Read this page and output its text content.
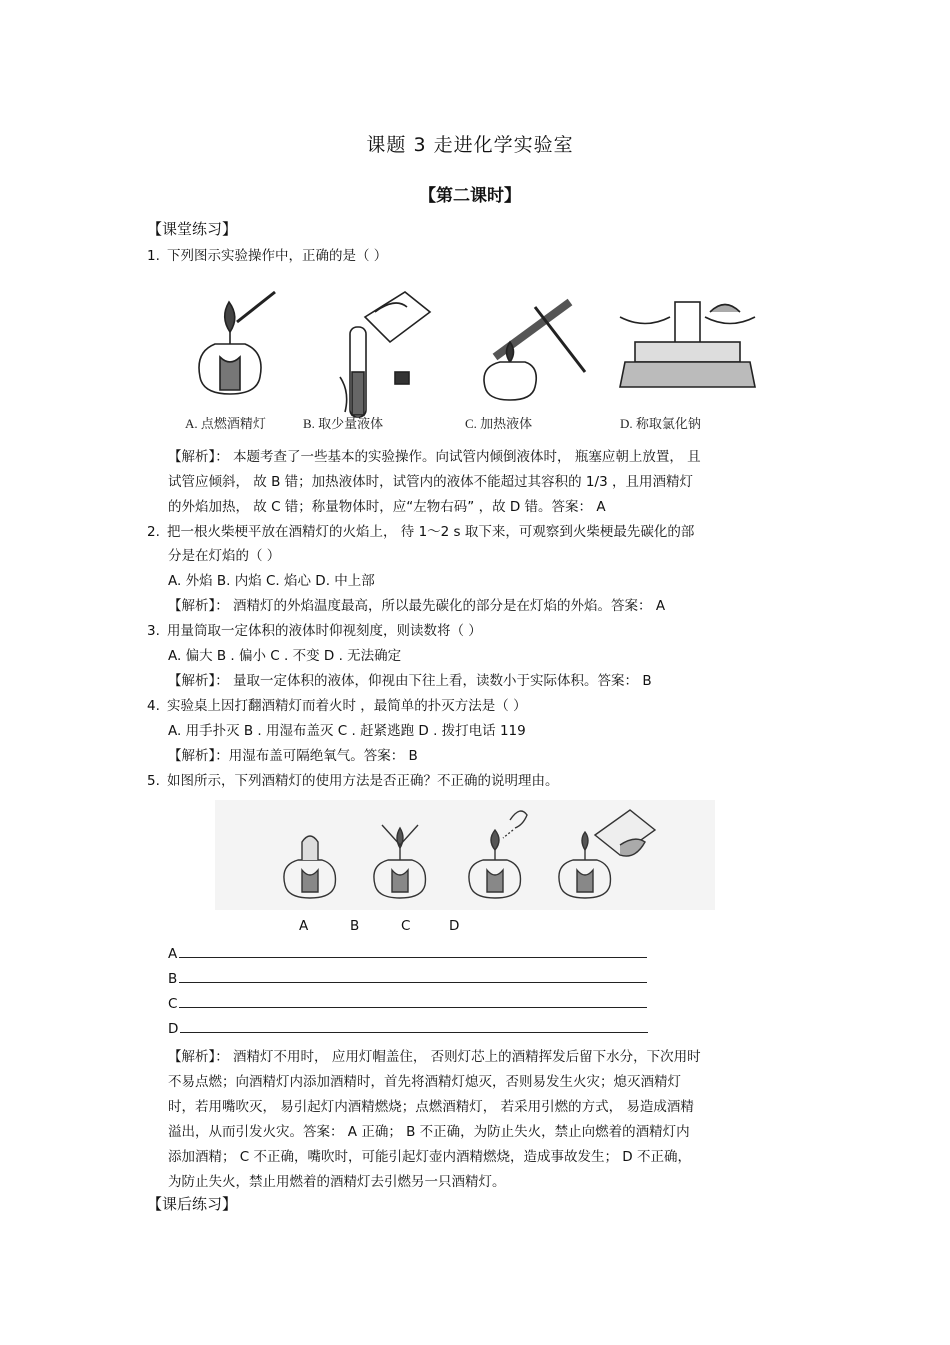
课题 3 走进化学实验室
【第二课时】
【课堂练习】
1. 下列图示实验操作中，正确的是（ ）
A. 点燃酒精灯	B. 取少量液体	C. 加热液体	D. 称取氯化钠
【解析】： 本题考查了一些基本的实验操作。向试管内倾倒液体时， 瓶塞应朝上放置， 且
试管应倾斜， 故 B 错；加热液体时，试管内的液体不能超过其容积的 1/3 ，且用酒精灯
的外焰加热， 故 C 错；称量物体时，应“左物右码” ，故 D 错。答案： A
2. 把一根火柴梗平放在酒精灯的火焰上， 待 1～2 s 取下来，可观察到火柴梗最先碳化的部
分是在灯焰的（ ）
A. 外焰 B. 内焰 C. 焰心 D. 中上部
【解析】： 酒精灯的外焰温度最高，所以最先碳化的部分是在灯焰的外焰。答案： A
3. 用量筒取一定体积的液体时仰视刻度，则读数将（ ）
A. 偏大 B . 偏小 C . 不变 D . 无法确定
【解析】： 量取一定体积的液体，仰视由下往上看，读数小于实际体积。答案： B
4. 实验桌上因打翻酒精灯而着火时 ，最简单的扑灭方法是（ ）
A. 用手扑灭 B . 用湿布盖灭 C . 赶紧逃跑 D . 拨打电话 119
【解析】：用湿布盖可隔绝氧气。答案： B
5. 如图所示，下列酒精灯的使用方法是否正确？不正确的说明理由。
A	B	C	D
A
B
C
D
【解析】： 酒精灯不用时， 应用灯帽盖住， 否则灯芯上的酒精挥发后留下水分，下次用时
不易点燃；向酒精灯内添加酒精时，首先将酒精灯熄灭，否则易发生火灾；熄灭酒精灯
时，若用嘴吹灭， 易引起灯内酒精燃烧；点燃酒精灯， 若采用引燃的方式， 易造成酒精
溢出，从而引发火灾。答案： A 正确； B 不正确，为防止失火，禁止向燃着的酒精灯内
添加酒精； C 不正确，嘴吹时，可能引起灯壶内酒精燃烧，造成事故发生； D 不正确，
为防止失火，禁止用燃着的酒精灯去引燃另一只酒精灯。
【课后练习】
